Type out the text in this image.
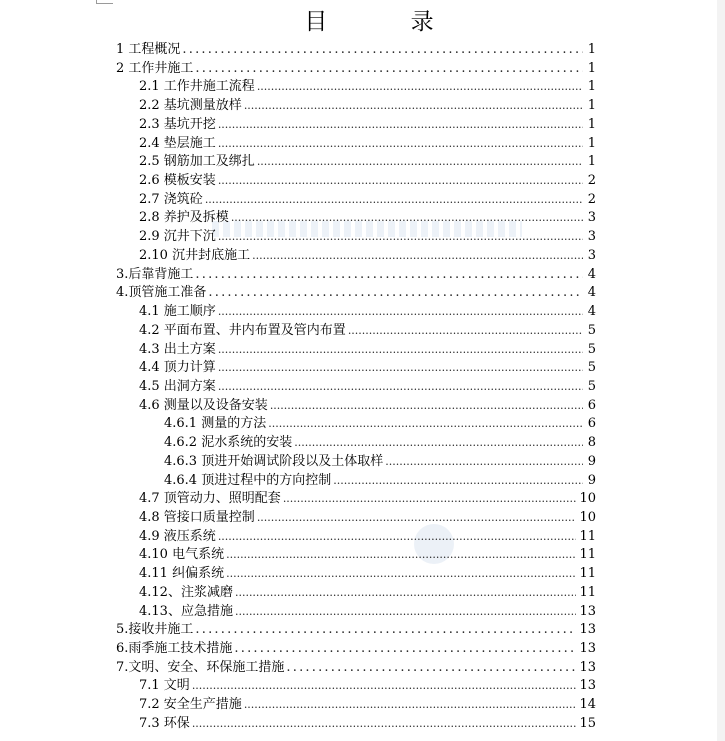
目 录
1 工程概况 .....	1
2 工作井施工 .....	1
2.1 工作井施工流程 .....	1
2.2 基坑测量放样 .....	1
2.3 基坑开挖 .....	1
2.4 垫层施工 .....	1
2.5 钢筋加工及绑扎 .....	1
2.6 模板安装 .....	2
2.7 浇筑砼 .....	2
2.8 养护及拆模 .....	3
2.9 沉井下沉 .....	3
2.10 沉井封底施工 .....	3
3.后靠背施工 .....	4
4.顶管施工准备 .....	4
4.1 施工顺序 .....	4
4.2 平面布置、井内布置及管内布置 .....	5
4.3 出土方案 .....	5
4.4 顶力计算 .....	5
4.5 出洞方案 .....	5
4.6 测量以及设备安装 .....	6
4.6.1 测量的方法 .....	6
4.6.2 泥水系统的安装 .....	8
4.6.3 顶进开始调试阶段以及土体取样 .....	9
4.6.4 顶进过程中的方向控制 .....	9
4.7 顶管动力、照明配套 .....	10
4.8 管接口质量控制 .....	10
4.9 液压系统 .....	11
4.10 电气系统 .....	11
4.11 纠偏系统 .....	11
4.12、注浆减磨 .....	11
4.13、应急措施 .....	13
5.接收井施工 .....	13
6.雨季施工技术措施 .....	13
7.文明、安全、环保施工措施 .....	13
7.1 文明 .....	13
7.2 安全生产措施 .....	14
7.3 环保 .....	15
